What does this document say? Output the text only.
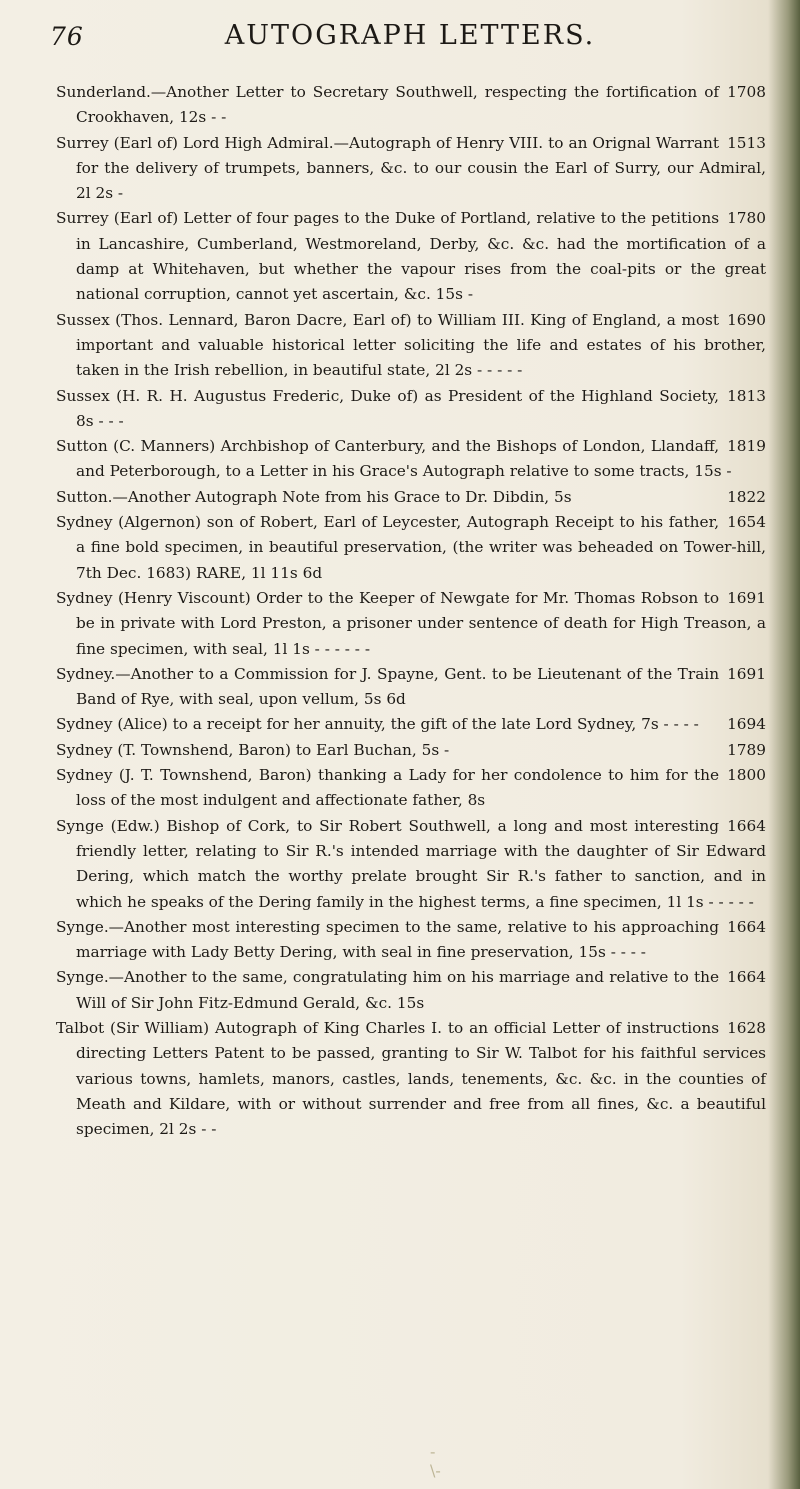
76	AUTOGRAPH LETTERS.

1708
Sunderland.—Another Letter to Secretary Southwell, respecting the fortification of Crookhaven, 12s - -

1513
Surrey (Earl of) Lord High Admiral.—Autograph of Henry VIII. to an Orignal Warrant for the delivery of trumpets, banners, &c. to our cousin the Earl of Surry, our Admiral, 2l 2s -

1780
Surrey (Earl of) Letter of four pages to the Duke of Portland, relative to the petitions in Lancashire, Cumberland, Westmoreland, Derby, &c. &c. had the mortification of a damp at Whitehaven, but whether the vapour rises from the coal-pits or the great national corruption, cannot yet ascertain, &c. 15s -

1690
Sussex (Thos. Lennard, Baron Dacre, Earl of) to William III. King of England, a most important and valuable historical letter soliciting the life and estates of his brother, taken in the Irish rebellion, in beautiful state, 2l 2s - - - - -

1813
Sussex (H. R. H. Augustus Frederic, Duke of) as President of the Highland Society, 8s - - -

1819
Sutton (C. Manners) Archbishop of Canterbury, and the Bishops of London, Llandaff, and Peterborough, to a Letter in his Grace's Autograph relative to some tracts, 15s -

1822
Sutton.—Another Autograph Note from his Grace to Dr. Dibdin, 5s

1654
Sydney (Algernon) son of Robert, Earl of Leycester, Autograph Receipt to his father, a fine bold specimen, in beautiful preservation, (the writer was beheaded on Tower-hill, 7th Dec. 1683) RARE, 1l 11s 6d

1691
Sydney (Henry Viscount) Order to the Keeper of Newgate for Mr. Thomas Robson to be in private with Lord Preston, a prisoner under sentence of death for High Treason, a fine specimen, with seal, 1l 1s - - - - - -

1691
Sydney.—Another to a Commission for J. Spayne, Gent. to be Lieutenant of the Train Band of Rye, with seal, upon vellum, 5s 6d

1694
Sydney (Alice) to a receipt for her annuity, the gift of the late Lord Sydney, 7s - - - -

1789
Sydney (T. Townshend, Baron) to Earl Buchan, 5s -

1800
Sydney (J. T. Townshend, Baron) thanking a Lady for her condolence to him for the loss of the most indulgent and affectionate father, 8s

1664
Synge (Edw.) Bishop of Cork, to Sir Robert Southwell, a long and most interesting friendly letter, relating to Sir R.'s intended marriage with the daughter of Sir Edward Dering, which match the worthy prelate brought Sir R.'s father to sanction, and in which he speaks of the Dering family in the highest terms, a fine specimen, 1l 1s - - - - -

1664
Synge.—Another most interesting specimen to the same, relative to his approaching marriage with Lady Betty Dering, with seal in fine preservation, 15s - - - -

1664
Synge.—Another to the same, congratulating him on his marriage and relative to the Will of Sir John Fitz-Edmund Gerald, &c. 15s

1628
Talbot (Sir William) Autograph of King Charles I. to an official Letter of instructions directing Letters Patent to be passed, granting to Sir W. Talbot for his faithful services various towns, hamlets, manors, castles, lands, tenements, &c. &c. in the counties of Meath and Kildare, with or without surrender and free from all fines, &c. a beautiful specimen, 2l 2s - -

-\-
